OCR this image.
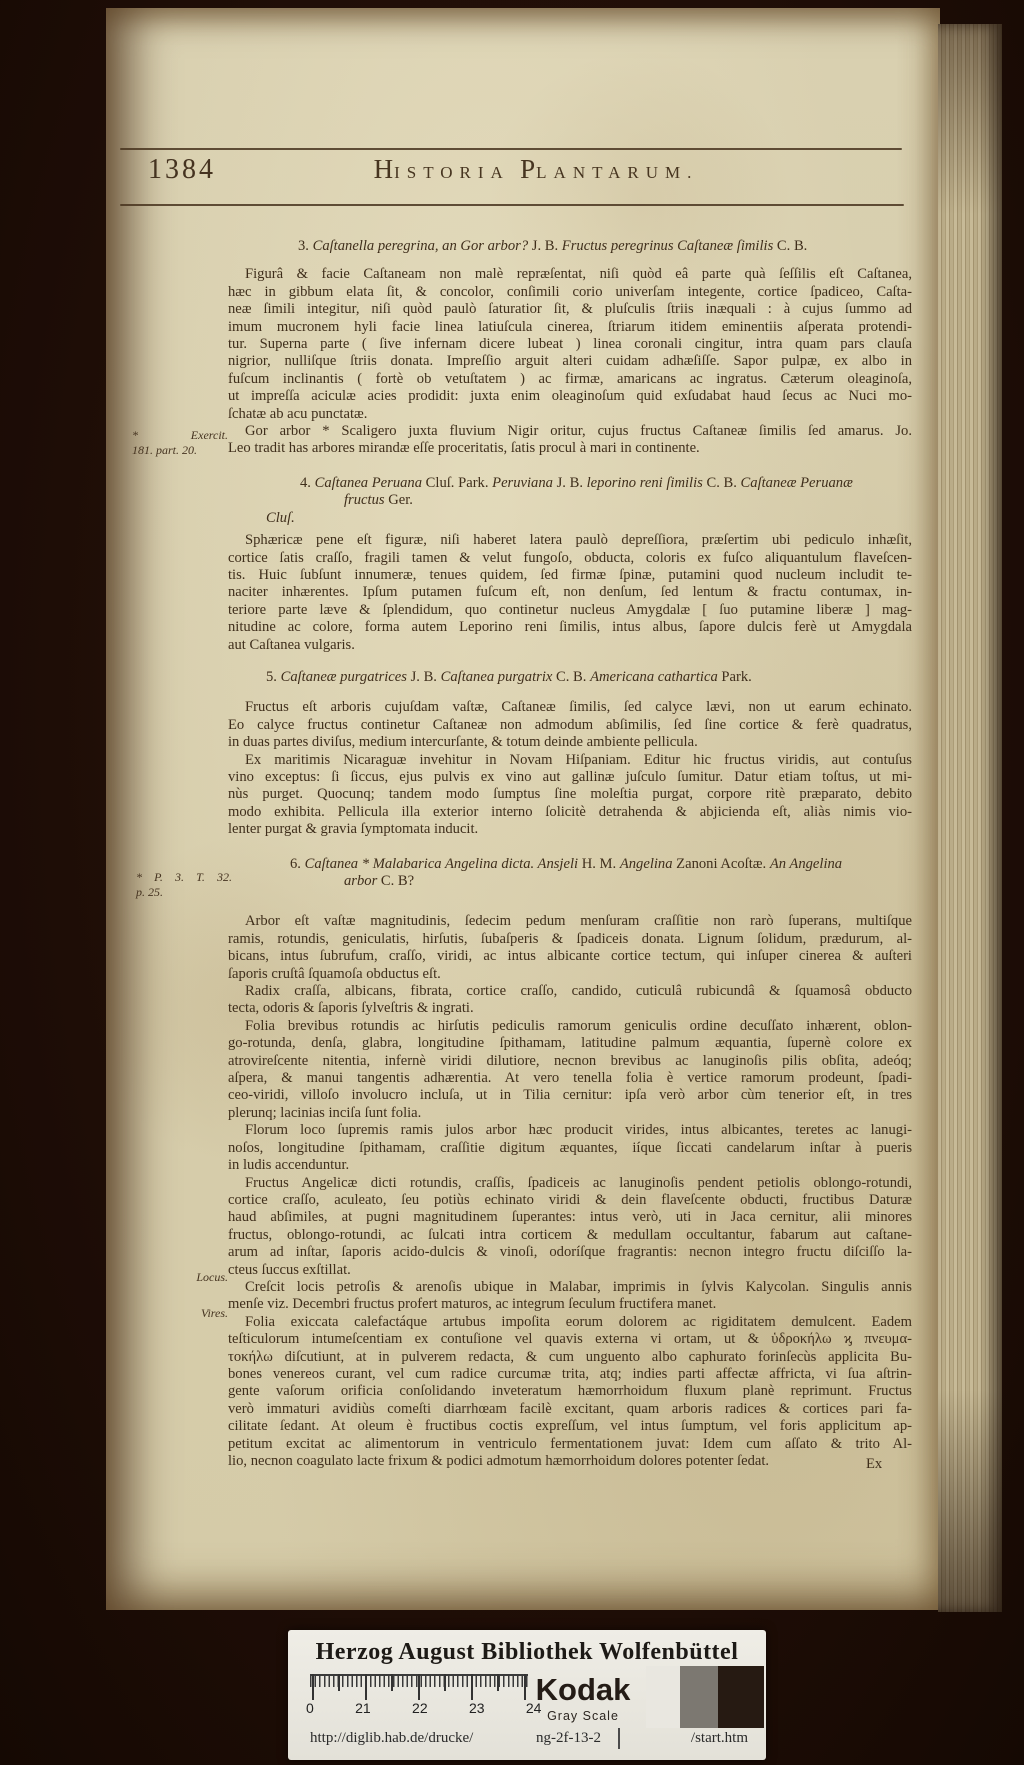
1384	HISTORIA PLANTARUM.
* Exercit.
181. part. 20.
* P. 3. T. 32.
p. 25.
Locus.
Vires.
3. Caſtanella peregrina, an Gor arbor? J. B. Fructus peregrinus Caſtaneæ ſimilis C. B.
Figurâ & facie Caſtaneam non malè repræſentat, niſi quòd eâ parte quà ſeſſilis eſt Caſtanea,
hæc in gibbum elata ſit, & concolor, conſimili corio univerſam integente, cortice ſpadiceo, Caſta-
neæ ſimili integitur, niſi quòd paulò ſaturatior ſit, & pluſculis ſtriis inæquali : à cujus ſummo ad
imum mucronem hyli facie linea latiuſcula cinerea, ſtriarum itidem eminentiis aſperata protendi-
tur. Superna parte ( ſive infernam dicere lubeat ) linea coronali cingitur, intra quam pars clauſa
nigrior, nulliſque ſtriis donata. Impreſſio arguit alteri cuidam adhæſiſſe. Sapor pulpæ, ex albo in
fuſcum inclinantis ( fortè ob vetuſtatem ) ac firmæ, amaricans ac ingratus. Cæterum oleaginoſa,
ut impreſſa aciculæ acies prodidit: juxta enim oleaginoſum quid exſudabat haud ſecus ac Nuci mo-
ſchatæ ab acu punctatæ.
Gor arbor * Scaligero juxta fluvium Nigir oritur, cujus fructus Caſtaneæ ſimilis ſed amarus. Jo.
Leo tradit has arbores mirandæ eſſe proceritatis, ſatis procul à mari in continente.
4. Caſtanea Peruana Cluſ. Park. Peruviana J. B. leporino reni ſimilis C. B. Caſtaneæ Peruanæ
fructus Ger.
Cluſ.
Sphæricæ pene eſt figuræ, niſi haberet latera paulò depreſſiora, præſertim ubi pediculo inhæſit,
cortice ſatis craſſo, fragili tamen & velut fungoſo, obducta, coloris ex fuſco aliquantulum flaveſcen-
tis. Huic ſubſunt innumeræ, tenues quidem, ſed firmæ ſpinæ, putamini quod nucleum includit te-
naciter inhærentes. Ipſum putamen fuſcum eſt, non denſum, ſed lentum & fractu contumax, in-
teriore parte læve & ſplendidum, quo continetur nucleus Amygdalæ [ ſuo putamine liberæ ] mag-
nitudine ac colore, forma autem Leporino reni ſimilis, intus albus, ſapore dulcis ferè ut Amygdala
aut Caſtanea vulgaris.
5. Caſtaneæ purgatrices J. B. Caſtanea purgatrix C. B. Americana cathartica Park.
Fructus eſt arboris cujuſdam vaſtæ, Caſtaneæ ſimilis, ſed calyce lævi, non ut earum echinato.
Eo calyce fructus continetur Caſtaneæ non admodum abſimilis, ſed ſine cortice & ferè quadratus,
in duas partes diviſus, medium intercurſante, & totum deinde ambiente pellicula.
Ex maritimis Nicaraguæ invehitur in Novam Hiſpaniam. Editur hic fructus viridis, aut contuſus
vino exceptus: ſi ſiccus, ejus pulvis ex vino aut gallinæ juſculo ſumitur. Datur etiam toſtus, ut mi-
nùs purget. Quocunq; tandem modo ſumptus ſine moleſtia purgat, corpore ritè præparato, debito
modo exhibita. Pellicula illa exterior interno ſolicitè detrahenda & abjicienda eſt, aliàs nimis vio-
lenter purgat & gravia ſymptomata inducit.
6. Caſtanea * Malabarica Angelina dicta. Ansjeli H. M. Angelina Zanoni Acoſtæ. An Angelina
arbor C. B?
Arbor eſt vaſtæ magnitudinis, ſedecim pedum menſuram craſſitie non rarò ſuperans, multiſque
ramis, rotundis, geniculatis, hirſutis, ſubaſperis & ſpadiceis donata. Lignum ſolidum, prædurum, al-
bicans, intus ſubrufum, craſſo, viridi, ac intus albicante cortice tectum, qui inſuper cinerea & auſteri
ſaporis cruſtâ ſquamoſa obductus eſt.
Radix craſſa, albicans, fibrata, cortice craſſo, candido, cuticulâ rubicundâ & ſquamosâ obducto
tecta, odoris & ſaporis ſylveſtris & ingrati.
Folia brevibus rotundis ac hirſutis pediculis ramorum geniculis ordine decuſſato inhærent, oblon-
go-rotunda, denſa, glabra, longitudine ſpithamam, latitudine palmum æquantia, ſupernè colore ex
atrovireſcente nitentia, infernè viridi dilutiore, necnon brevibus ac lanuginoſis pilis obſita, adeóq;
aſpera, & manui tangentis adhærentia. At vero tenella folia è vertice ramorum prodeunt, ſpadi-
ceo-viridi, villoſo involucro incluſa, ut in Tilia cernitur: ipſa verò arbor cùm tenerior eſt, in tres
plerunq; lacinias inciſa ſunt folia.
Florum loco ſupremis ramis julos arbor hæc producit virides, intus albicantes, teretes ac lanugi-
noſos, longitudine ſpithamam, craſſitie digitum æquantes, iíque ſiccati candelarum inſtar à pueris
in ludis accenduntur.
Fructus Angelicæ dicti rotundis, craſſis, ſpadiceis ac lanuginoſis pendent petiolis oblongo-rotundi,
cortice craſſo, aculeato, ſeu potiùs echinato viridi & dein flaveſcente obducti, fructibus Daturæ
haud abſimiles, at pugni magnitudinem ſuperantes: intus verò, uti in Jaca cernitur, alii minores
fructus, oblongo-rotundi, ac ſulcati intra corticem & medullam occultantur, fabarum aut caſtane-
arum ad inſtar, ſaporis acido-dulcis & vinoſi, odoríſque fragrantis: necnon integro fructu diſciſſo la-
cteus ſuccus exſtillat.
Creſcit locis petroſis & arenoſis ubique in Malabar, imprimis in ſylvis Kalycolan. Singulis annis
menſe viz. Decembri fructus profert maturos, ac integrum ſeculum fructifera manet.
Folia exiccata calefactáque artubus impoſita eorum dolorem ac rigiditatem demulcent. Eadem
teſticulorum intumeſcentiam ex contuſione vel quavis externa vi ortam, ut & ὑδροκήλω ϗ πνευμα-
τοκήλω diſcutiunt, at in pulverem redacta, & cum unguento albo caphurato forinſecùs applicita Bu-
bones venereos curant, vel cum radice curcumæ trita, atq; indies parti affectæ affricta, vi ſua aſtrin-
gente vaſorum orificia conſolidando inveteratum hæmorrhoidum fluxum planè reprimunt. Fructus
verò immaturi avidiùs comeſti diarrhœam facilè excitant, quam arboris radices & cortices pari fa-
cilitate ſedant. At oleum è fructibus coctis expreſſum, vel intus ſumptum, vel foris applicitum ap-
petitum excitat ac alimentorum in ventriculo fermentationem juvat: Idem cum aſſato & trito Al-
lio, necnon coagulato lacte frixum & podici admotum hæmorrhoidum dolores potenter ſedat.	Ex
Herzog August Bibliothek Wolfenbüttel
0	21	22	23	24
Kodak
Gray Scale
http://diglib.hab.de/drucke/	ng-2f-13-2	/start.htm
